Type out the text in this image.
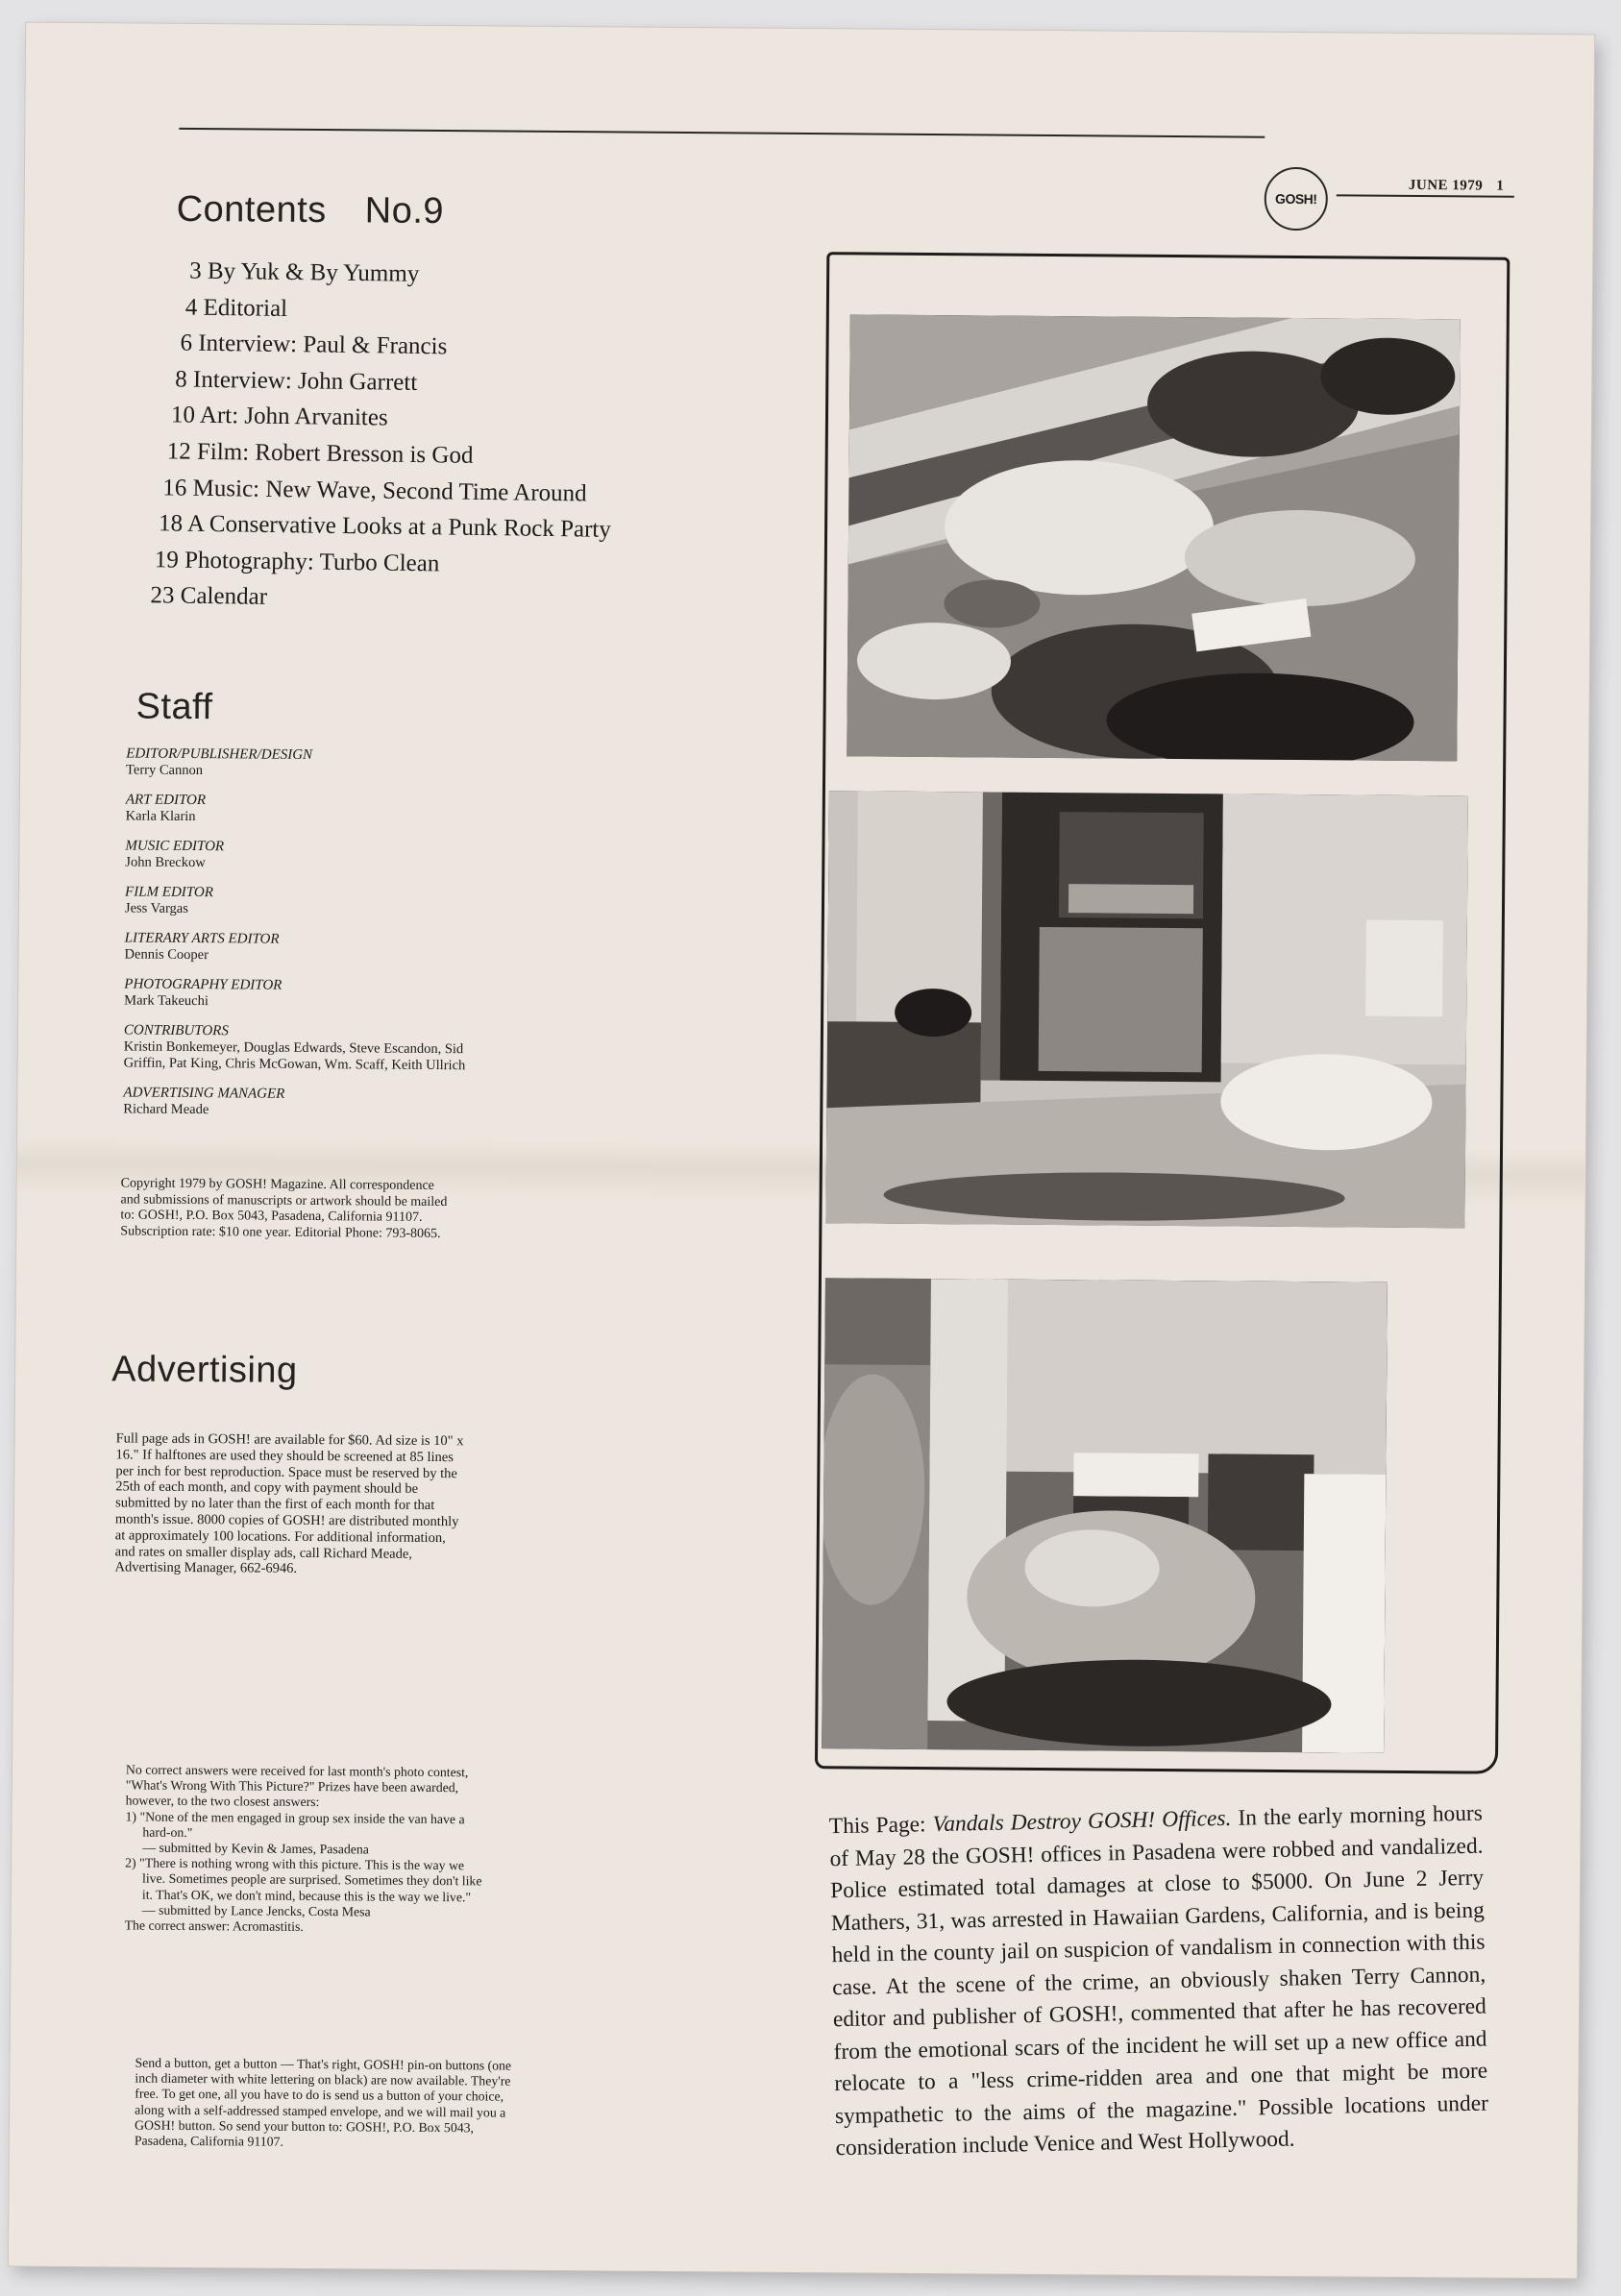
GOSH!
JUNE 1979 1
Contents No.9
3 By Yuk & By Yummy
4 Editorial
6 Interview: Paul & Francis
8 Interview: John Garrett
10 Art: John Arvanites
12 Film: Robert Bresson is God
16 Music: New Wave, Second Time Around
18 A Conservative Looks at a Punk Rock Party
19 Photography: Turbo Clean
23 Calendar
Staff
EDITOR/PUBLISHER/DESIGN
Terry Cannon
ART EDITOR
Karla Klarin
MUSIC EDITOR
John Breckow
FILM EDITOR
Jess Vargas
LITERARY ARTS EDITOR
Dennis Cooper
PHOTOGRAPHY EDITOR
Mark Takeuchi
CONTRIBUTORS
Kristin Bonkemeyer, Douglas Edwards, Steve Escandon, Sid Griffin, Pat King, Chris McGowan, Wm. Scaff, Keith Ullrich
ADVERTISING MANAGER
Richard Meade
Copyright 1979 by GOSH! Magazine. All correspondence and submissions of manuscripts or artwork should be mailed to: GOSH!, P.O. Box 5043, Pasadena, California 91107. Subscription rate: $10 one year. Editorial Phone: 793-8065.
Advertising
Full page ads in GOSH! are available for $60. Ad size is 10" x 16." If halftones are used they should be screened at 85 lines per inch for best reproduction. Space must be reserved by the 25th of each month, and copy with payment should be submitted by no later than the first of each month for that month's issue. 8000 copies of GOSH! are distributed monthly at approximately 100 locations. For additional information, and rates on smaller display ads, call Richard Meade, Advertising Manager, 662-6946.
No correct answers were received for last month's photo contest, "What's Wrong With This Picture?" Prizes have been awarded, however, to the two closest answers:
1) "None of the men engaged in group sex inside the van have a hard-on."
— submitted by Kevin & James, Pasadena
2) "There is nothing wrong with this picture. This is the way we live. Sometimes people are surprised. Sometimes they don't like it. That's OK, we don't mind, because this is the way we live."
— submitted by Lance Jencks, Costa Mesa
The correct answer: Acromastitis.
Send a button, get a button — That's right, GOSH! pin-on buttons (one inch diameter with white lettering on black) are now available. They're free. To get one, all you have to do is send us a button of your choice, along with a self-addressed stamped envelope, and we will mail you a GOSH! button. So send your button to: GOSH!, P.O. Box 5043, Pasadena, California 91107.
This Page: Vandals Destroy GOSH! Offices. In the early morning hours of May 28 the GOSH! offices in Pasadena were robbed and vandalized. Police estimated total damages at close to $5000. On June 2 Jerry Mathers, 31, was arrested in Hawaiian Gardens, California, and is being held in the county jail on suspicion of vandalism in connection with this case. At the scene of the crime, an obviously shaken Terry Cannon, editor and publisher of GOSH!, commented that after he has recovered from the emotional scars of the incident he will set up a new office and relocate to a "less crime-ridden area and one that might be more sympathetic to the aims of the magazine." Possible locations under consideration include Venice and West Hollywood.
